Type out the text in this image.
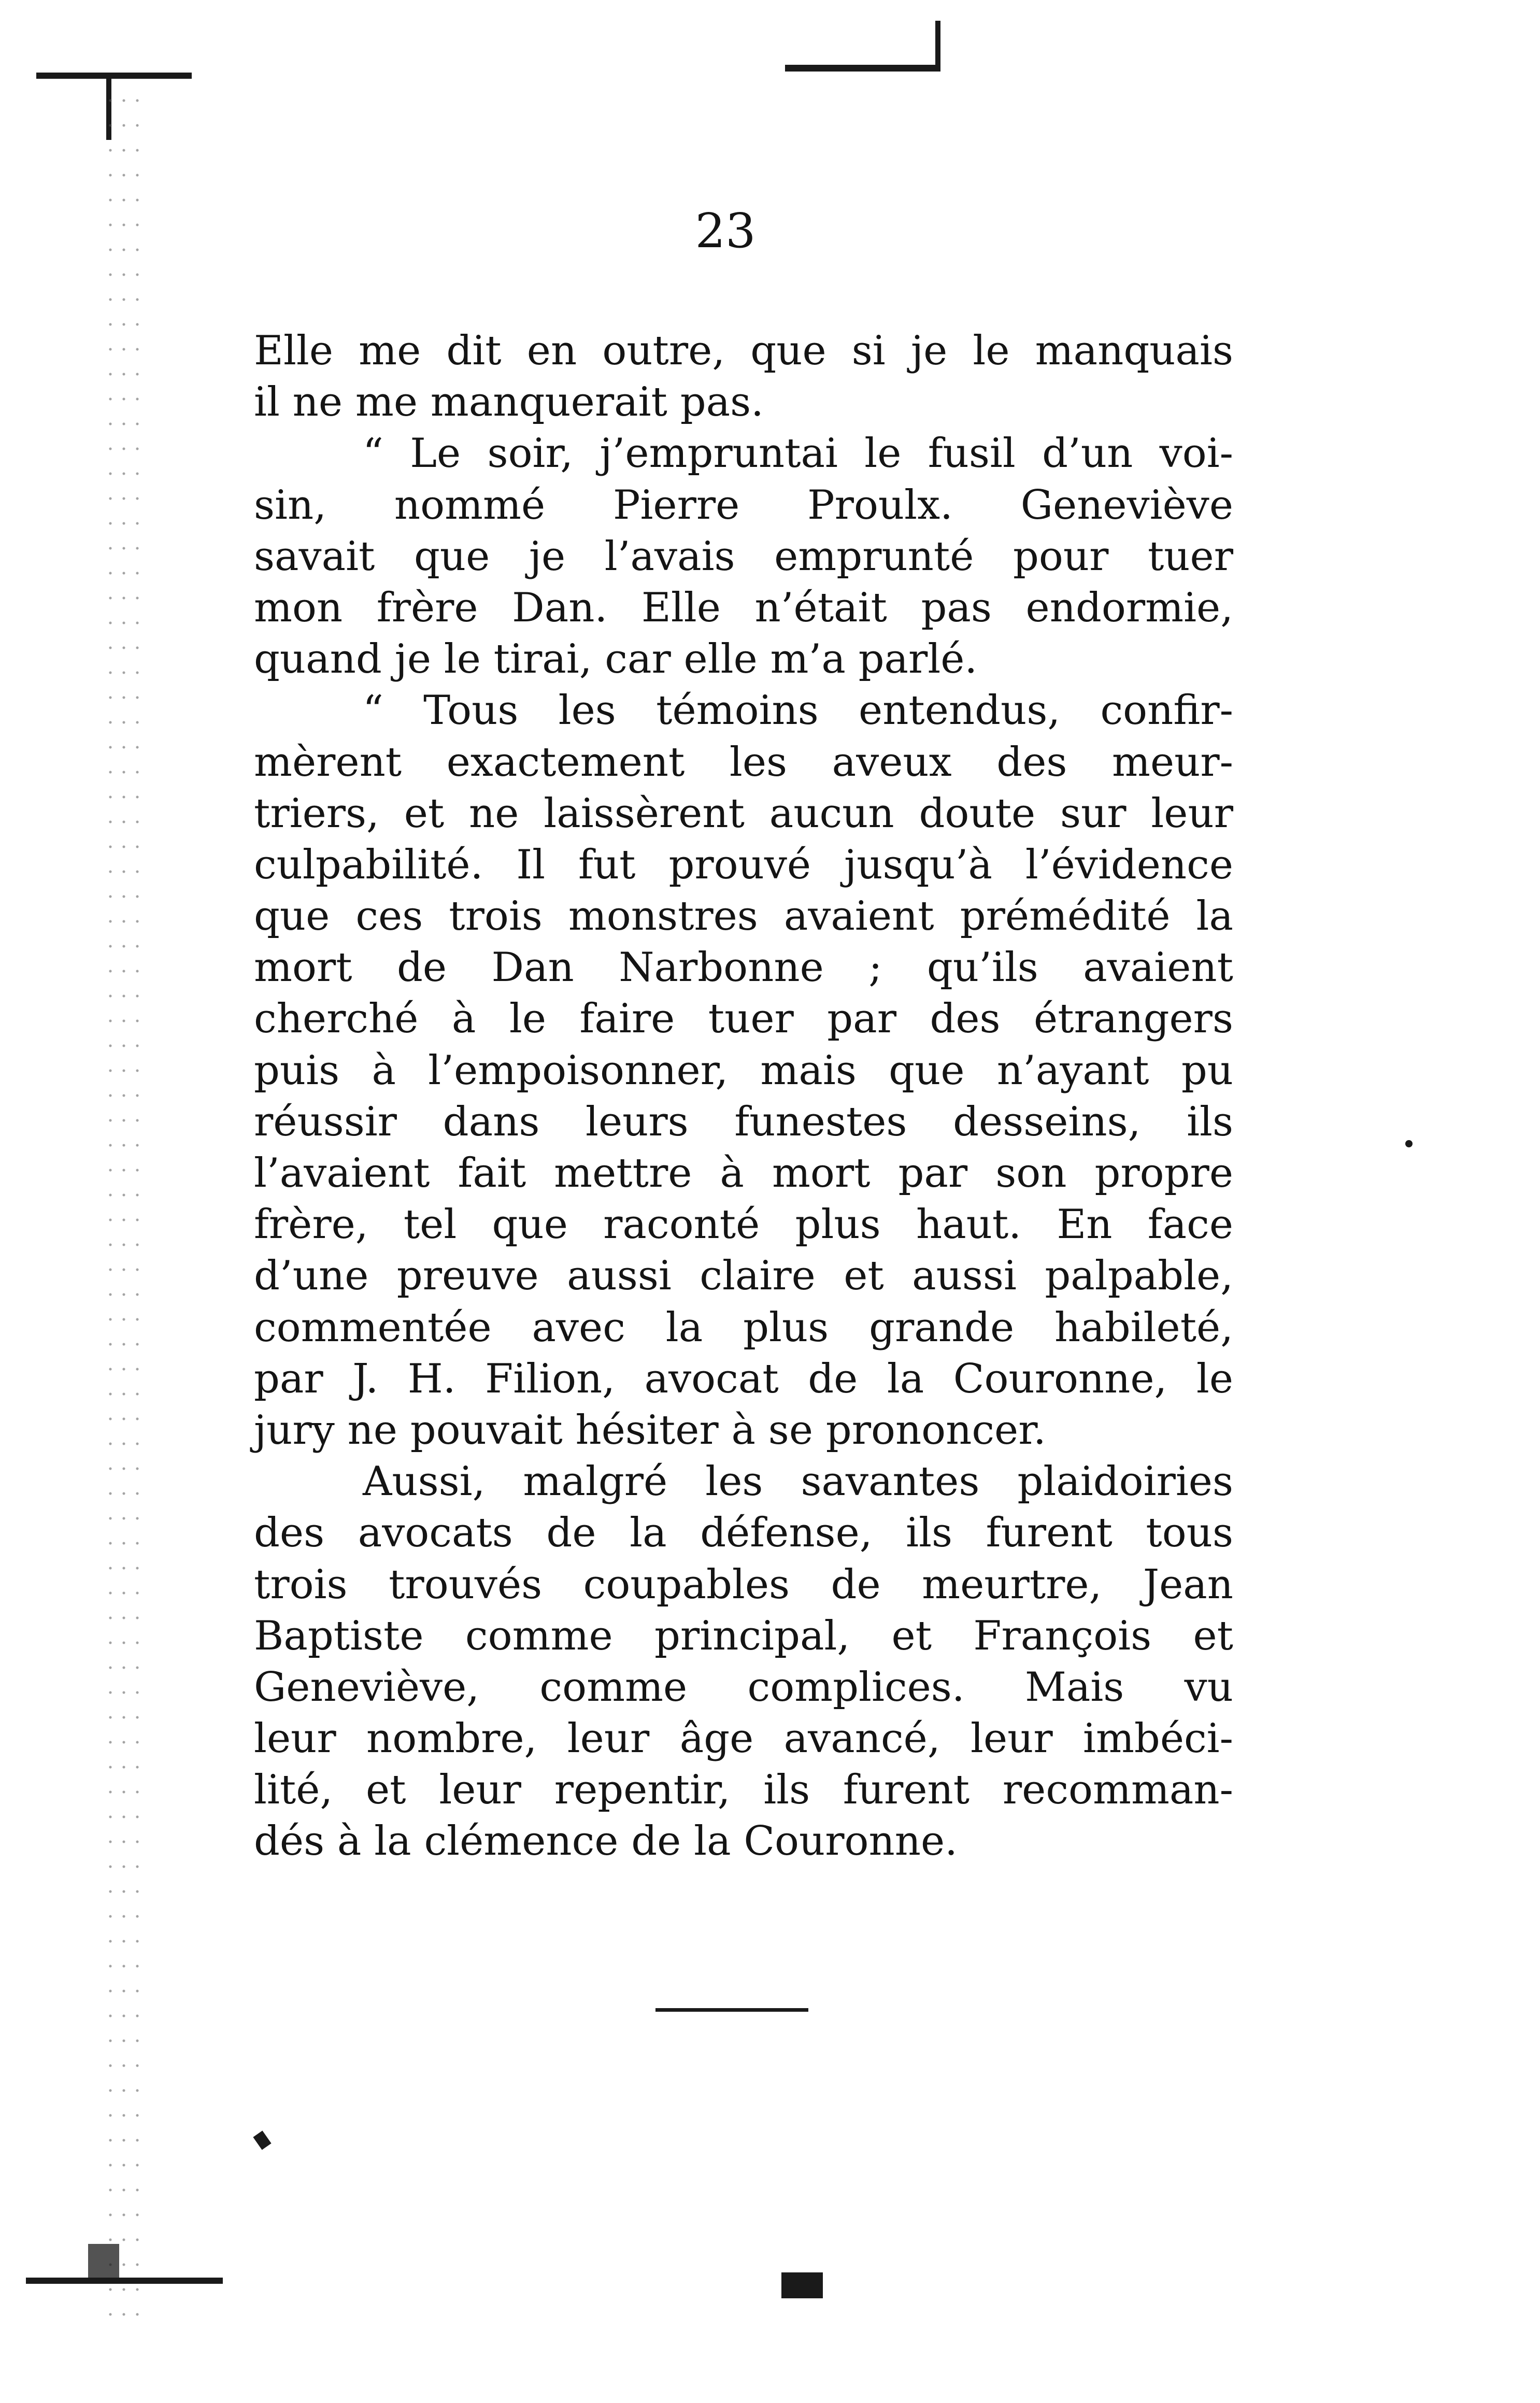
23
Elle me dit en outre, que si je le manquais
il ne me manquerait pas.
“ Le soir, j’empruntai le fusil d’un voi-
sin, nommé Pierre Proulx. Geneviève
savait que je l’avais emprunté pour tuer
mon frère Dan. Elle n’était pas endormie,
quand je le tirai, car elle m’a parlé.
“ Tous les témoins entendus, confir-
mèrent exactement les aveux des meur-
triers, et ne laissèrent aucun doute sur leur
culpabilité. Il fut prouvé jusqu’à l’évidence
que ces trois monstres avaient prémédité la
mort de Dan Narbonne ; qu’ils avaient
cherché à le faire tuer par des étrangers
puis à l’empoisonner, mais que n’ayant pu
réussir dans leurs funestes desseins, ils
l’avaient fait mettre à mort par son propre
frère, tel que raconté plus haut. En face
d’une preuve aussi claire et aussi palpable,
commentée avec la plus grande habileté,
par J. H. Filion, avocat de la Couronne, le
jury ne pouvait hésiter à se prononcer.
Aussi, malgré les savantes plaidoiries
des avocats de la défense, ils furent tous
trois trouvés coupables de meurtre, Jean
Baptiste comme principal, et François et
Geneviève, comme complices. Mais vu
leur nombre, leur âge avancé, leur imbéci-
lité, et leur repentir, ils furent recomman-
dés à la clémence de la Couronne.
